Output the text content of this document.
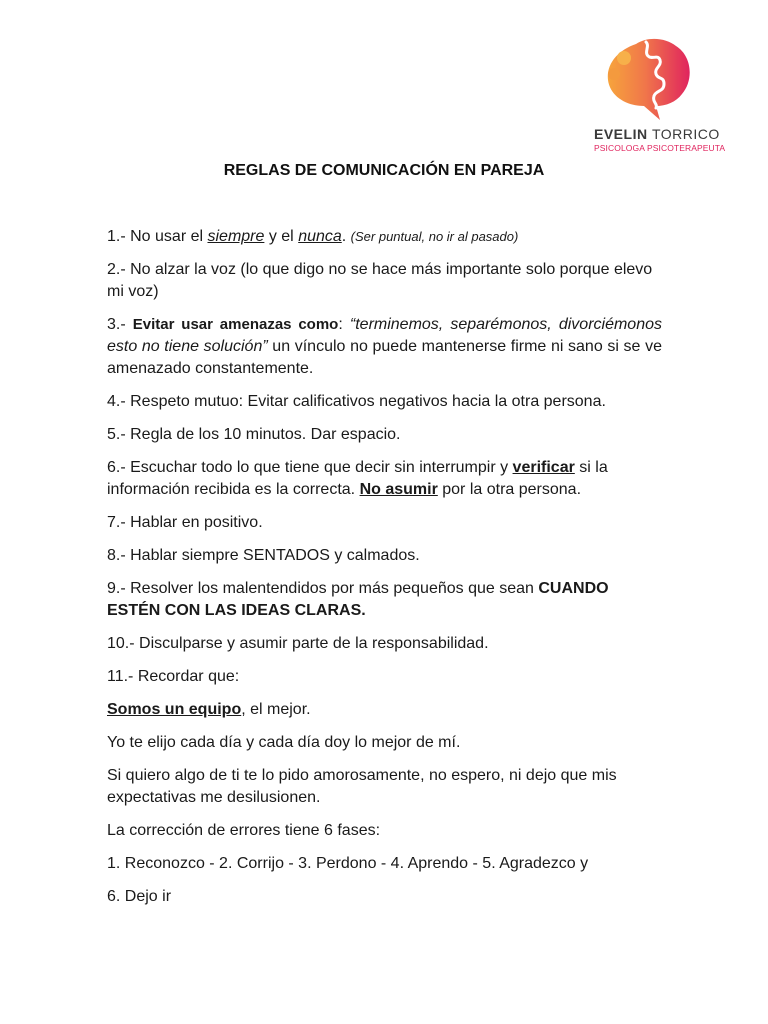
EVELIN TORRICO
PSICOLOGA PSICOTERAPEUTA
REGLAS DE COMUNICACIÓN EN PAREJA

1.- No usar el siempre y el nunca. (Ser puntual, no ir al pasado)

2.- No alzar la voz (lo que digo no se hace más importante solo porque elevo mi voz)

3.- Evitar usar amenazas como: “terminemos, separémonos, divorciémonos esto no tiene solución” un vínculo no puede mantenerse firme ni sano si se ve amenazado constantemente.

4.- Respeto mutuo: Evitar calificativos negativos hacia la otra persona.

5.- Regla de los 10 minutos. Dar espacio.

6.- Escuchar todo lo que tiene que decir sin interrumpir y verificar si la información recibida es la correcta. No asumir por la otra persona.

7.- Hablar en positivo.

8.- Hablar siempre SENTADOS y calmados.

9.- Resolver los malentendidos por más pequeños que sean CUANDO ESTÉN CON LAS IDEAS CLARAS.

10.- Disculparse y asumir parte de la responsabilidad.

11.- Recordar que:

Somos un equipo, el mejor.

Yo te elijo cada día y cada día doy lo mejor de mí.

Si quiero algo de ti te lo pido amorosamente, no espero, ni dejo que mis expectativas me desilusionen.

La corrección de errores tiene 6 fases:

1. Reconozco - 2. Corrijo - 3. Perdono - 4. Aprendo - 5. Agradezco y

6. Dejo ir
